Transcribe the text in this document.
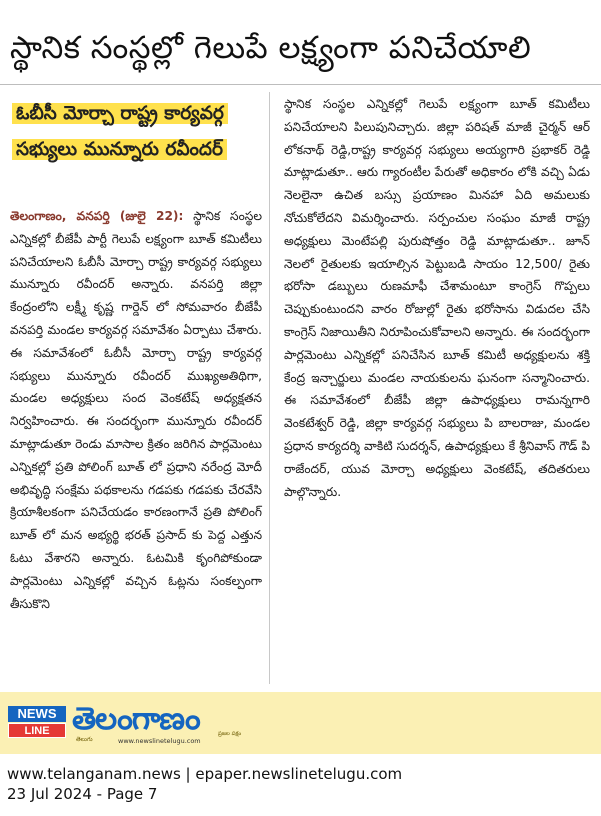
స్థానిక సంస్థల్లో గెలుపే లక్ష్యంగా పనిచేయాలి
ఓబీసీ మోర్చా రాష్ట్ర కార్యవర్గ సభ్యులు మున్నూరు రవీందర్
తెలంగాణం, వనపర్తి (జులై 22): స్థానిక సంస్థల ఎన్నికల్లో బీజేపీ పార్టీ గెలుపే లక్ష్యంగా బూత్ కమిటీలు పనిచేయాలని ఓబీసీ మోర్చా రాష్ట్ర కార్యవర్గ సభ్యులు మున్నూరు రవీందర్ అన్నారు. వనపర్తి జిల్లా కేంద్రంలోని లక్ష్మీ కృష్ణ గార్డెన్ లో సోమవారం బీజేపీ వనపర్తి మండల కార్యవర్గ సమావేశం ఏర్పాటు చేశారు. ఈ సమావేశంలో ఓబీసీ మోర్చా రాష్ట్ర కార్యవర్గ సభ్యులు మున్నూరు రవీందర్ ముఖ్యఅతిథిగా, మండల అధ్యక్షులు సంద వెంకటేష్ అధ్యక్షతన నిర్వహించారు. ఈ సందర్భంగా మున్నూరు రవీందర్ మాట్లాడుతూ రెండు మాసాల క్రితం జరిగిన పార్లమెంటు ఎన్నికల్లో ప్రతి పోలింగ్ బూత్ లో ప్రధాని నరేంద్ర మోదీ అభివృద్ధి సంక్షేమ పథకాలను గడపకు గడపకు చేరవేసి క్రియాశీలకంగా పనిచేయడం కారణంగానే ప్రతి పోలింగ్ బూత్ లో మన అభ్యర్థి భరత్ ప్రసాద్ కు పెద్ద ఎత్తున ఓటు వేశారని అన్నారు. ఓటమికి కృంగిపోకుండా పార్లమెంటు ఎన్నికల్లో వచ్చిన ఓట్లను సంకల్పంగా తీసుకొని
స్థానిక సంస్థల ఎన్నికల్లో గెలుపే లక్ష్యంగా బూత్ కమిటీలు పనిచేయాలని పిలుపునిచ్చారు. జిల్లా పరిషత్ మాజీ చైర్మన్ ఆర్ లోకనాథ్ రెడ్డి,రాష్ట్ర కార్యవర్గ సభ్యులు అయ్యగారి ప్రభాకర్ రెడ్డి మాట్లాడుతూ.. ఆరు గ్యారంటీల పేరుతో అధికారం లోకి వచ్చి ఏడు నెలలైనా ఉచిత బస్సు ప్రయాణం మినహా ఏది అమలుకు నోచుకోలేదని విమర్శించారు. సర్పంచుల సంఘం మాజీ రాష్ట్ర అధ్యక్షులు మెంటేపల్లి పురుషోత్తం రెడ్డి మాట్లాడుతూ.. జూన్ నెలలో రైతులకు ఇయాల్సిన పెట్టుబడి సాయం 12,500/ రైతు భరోసా డబ్బులు రుణమాఫీ చేశామంటూ కాంగ్రెస్ గొప్పలు చెప్పుకుంటుందని వారం రోజుల్లో రైతు భరోసాను విడుదల చేసి కాంగ్రెస్ నిజాయితీని నిరూపించుకోవాలని అన్నారు. ఈ సందర్భంగా పార్లమెంటు ఎన్నికల్లో పనిచేసిన బూత్ కమిటీ అధ్యక్షులను శక్తి కేంద్ర ఇన్చార్జులు మండల నాయకులను ఘనంగా సన్మానించారు. ఈ సమావేశంలో బీజేపీ జిల్లా ఉపాధ్యక్షులు రామన్నగారి వెంకటేశ్వర్ రెడ్డి, జిల్లా కార్యవర్గ సభ్యులు పి బాలరాజు, మండల ప్రధాన కార్యదర్శి వాకిటి సుదర్శన్, ఉపాధ్యక్షులు కే శ్రీనివాస్ గౌడ్ పి రాజేందర్, యువ మోర్చా అధ్యక్షులు వెంకటేష్, తదితరులు పాల్గొన్నారు.
NEWS
LINE తెలంగాణం
తెలుగు	www.newslinetelugu.com
ప్రజల పక్షం
www.telanganam.news | epaper.newslinetelugu.com
23 Jul 2024 - Page 7
